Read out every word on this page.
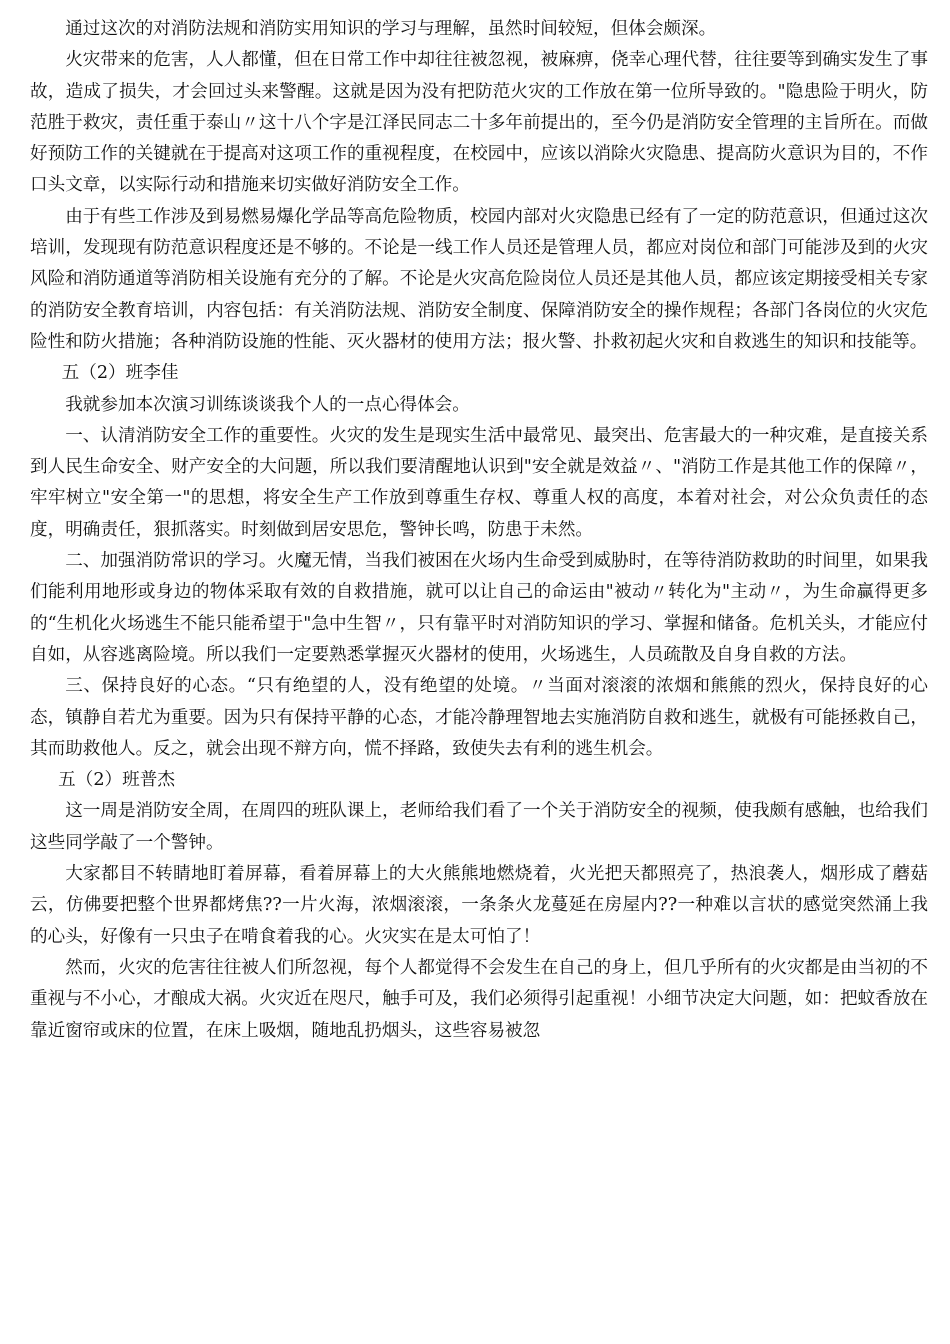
通过这次的对消防法规和消防实用知识的学习与理解，虽然时间较短，但体会颇深。

火灾带来的危害，人人都懂，但在日常工作中却往往被忽视，被麻痹，侥幸心理代替，往往要等到确实发生了事故，造成了损失，才会回过头来警醒。这就是因为没有把防范火灾的工作放在第一位所导致的。"隐患险于明火，防范胜于救灾，责任重于泰山〃这十八个字是江泽民同志二十多年前提出的，至今仍是消防安全管理的主旨所在。而做好预防工作的关键就在于提高对这项工作的重视程度，在校园中，应该以消除火灾隐患、提高防火意识为目的，不作口头文章，以实际行动和措施来切实做好消防安全工作。

由于有些工作涉及到易燃易爆化学品等高危险物质，校园内部对火灾隐患已经有了一定的防范意识，但通过这次培训，发现现有防范意识程度还是不够的。不论是一线工作人员还是管理人员，都应对岗位和部门可能涉及到的火灾风险和消防通道等消防相关设施有充分的了解。不论是火灾高危险岗位人员还是其他人员，都应该定期接受相关专家的消防安全教育培训，内容包括：有关消防法规、消防安全制度、保障消防安全的操作规程；各部门各岗位的火灾危险性和防火措施；各种消防设施的性能、灭火器材的使用方法；报火警、扑救初起火灾和自救逃生的知识和技能等。

五（2）班李佳

我就参加本次演习训练谈谈我个人的一点心得体会。

一、认清消防安全工作的重要性。火灾的发生是现实生活中最常见、最突出、危害最大的一种灾难，是直接关系到人民生命安全、财产安全的大问题，所以我们要清醒地认识到"安全就是效益〃、"消防工作是其他工作的保障〃，牢牢树立"安全第一"的思想，将安全生产工作放到尊重生存权、尊重人权的高度，本着对社会，对公众负责任的态度，明确责任，狠抓落实。时刻做到居安思危，警钟长鸣，防患于未然。

二、加强消防常识的学习。火魔无情，当我们被困在火场内生命受到威胁时，在等待消防救助的时间里，如果我们能利用地形或身边的物体采取有效的自救措施，就可以让自己的命运由"被动〃转化为"主动〃，为生命赢得更多的“生机化火场逃生不能只能希望于"急中生智〃，只有靠平时对消防知识的学习、掌握和储备。危机关头，才能应付自如，从容逃离险境。所以我们一定要熟悉掌握灭火器材的使用，火场逃生，人员疏散及自身自救的方法。

三、保持良好的心态。“只有绝望的人，没有绝望的处境。〃当面对滚滚的浓烟和熊熊的烈火，保持良好的心态，镇静自若尤为重要。因为只有保持平静的心态，才能冷静理智地去实施消防自救和逃生，就极有可能拯救自己，其而助救他人。反之，就会出现不辩方向，慌不择路，致使失去有利的逃生机会。

五（2）班普杰

这一周是消防安全周，在周四的班队课上，老师给我们看了一个关于消防安全的视频，使我颇有感触，也给我们这些同学敲了一个警钟。

大家都目不转睛地盯着屏幕，看着屏幕上的大火熊熊地燃烧着，火光把天都照亮了，热浪袭人，烟形成了蘑菇云，仿佛要把整个世界都烤焦??一片火海，浓烟滚滚，一条条火龙蔓延在房屋内??一种难以言状的感觉突然涌上我的心头，好像有一只虫子在啃食着我的心。火灾实在是太可怕了！

然而，火灾的危害往往被人们所忽视，每个人都觉得不会发生在自己的身上，但几乎所有的火灾都是由当初的不重视与不小心，才酿成大祸。火灾近在咫尺，触手可及，我们必须得引起重视！小细节决定大问题，如：把蚊香放在靠近窗帘或床的位置，在床上吸烟，随地乱扔烟头，这些容易被忽
